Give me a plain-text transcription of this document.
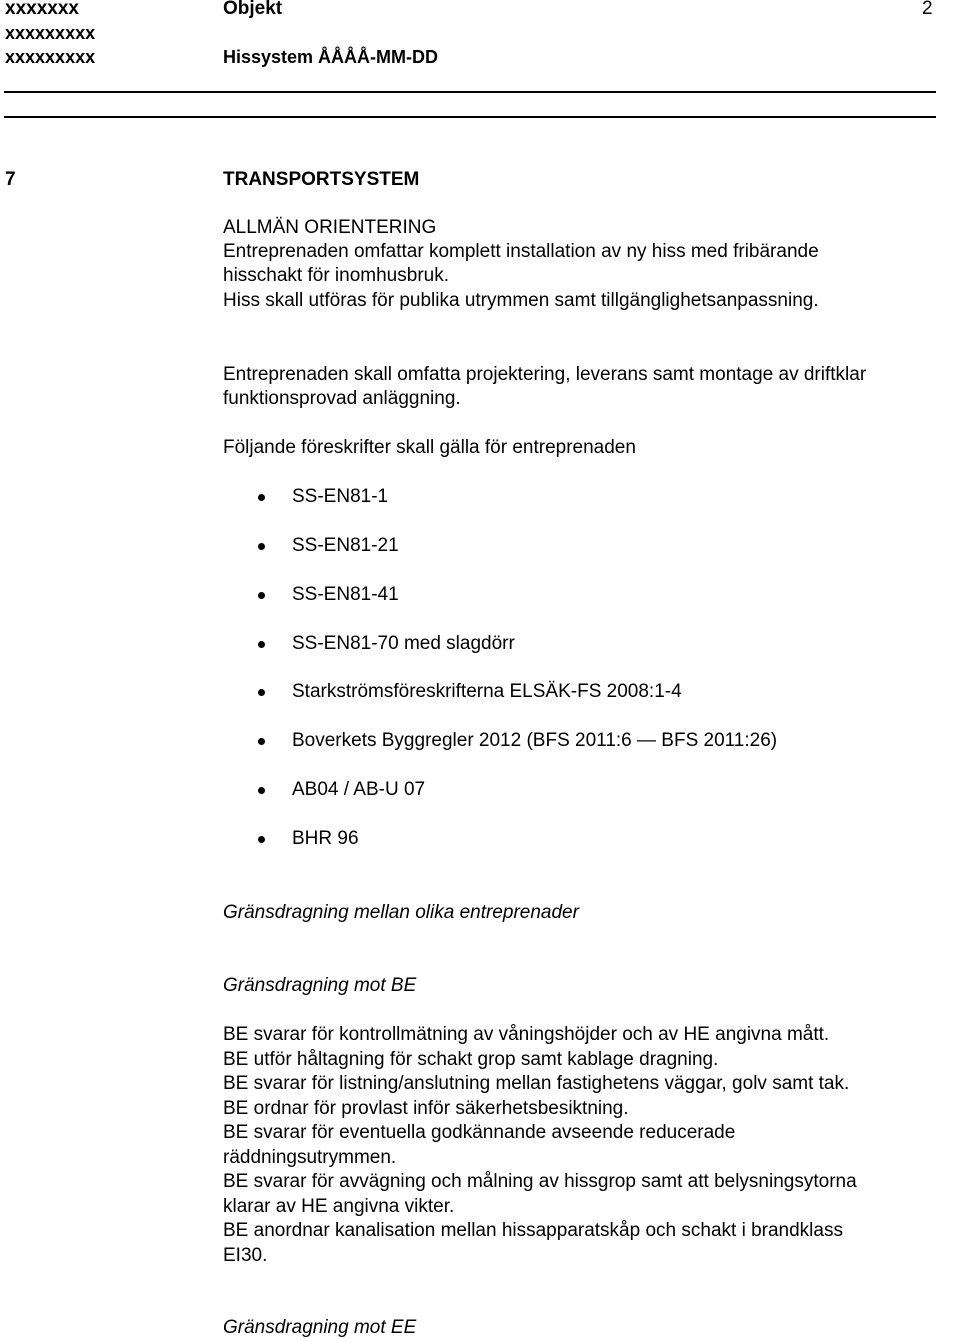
xxxxxxx
xxxxxxxxx
xxxxxxxxx
Objekt	2
Hissystem ÅÅÅÅ-MM-DD
7	TRANSPORTSYSTEM
ALLMÄN ORIENTERING
Entreprenaden omfattar komplett installation av ny hiss med fribärande
hisschakt för inomhusbruk.
Hiss skall utföras för publika utrymmen samt tillgänglighetsanpassning.
Entreprenaden skall omfatta projektering, leverans samt montage av driftklar
funktionsprovad anläggning.
Följande föreskrifter skall gälla för entreprenaden
SS-EN81-1
SS-EN81-21
SS-EN81-41
SS-EN81-70 med slagdörr
Starkströmsföreskrifterna ELSÄK-FS 2008:1-4
Boverkets Byggregler 2012 (BFS 2011:6 ― BFS 2011:26)
AB04 / AB-U 07
BHR 96
Gränsdragning mellan olika entreprenader
Gränsdragning mot BE
BE svarar för kontrollmätning av våningshöjder och av HE angivna mått.
BE utför håltagning för schakt grop samt kablage dragning.
BE svarar för listning/anslutning mellan fastighetens väggar, golv samt tak.
BE ordnar för provlast inför säkerhetsbesiktning.
BE svarar för eventuella godkännande avseende reducerade
räddningsutrymmen.
BE svarar för avvägning och målning av hissgrop samt att belysningsytorna
klarar av HE angivna vikter.
BE anordnar kanalisation mellan hissapparatskåp och schakt i brandklass
EI30.
Gränsdragning mot EE
